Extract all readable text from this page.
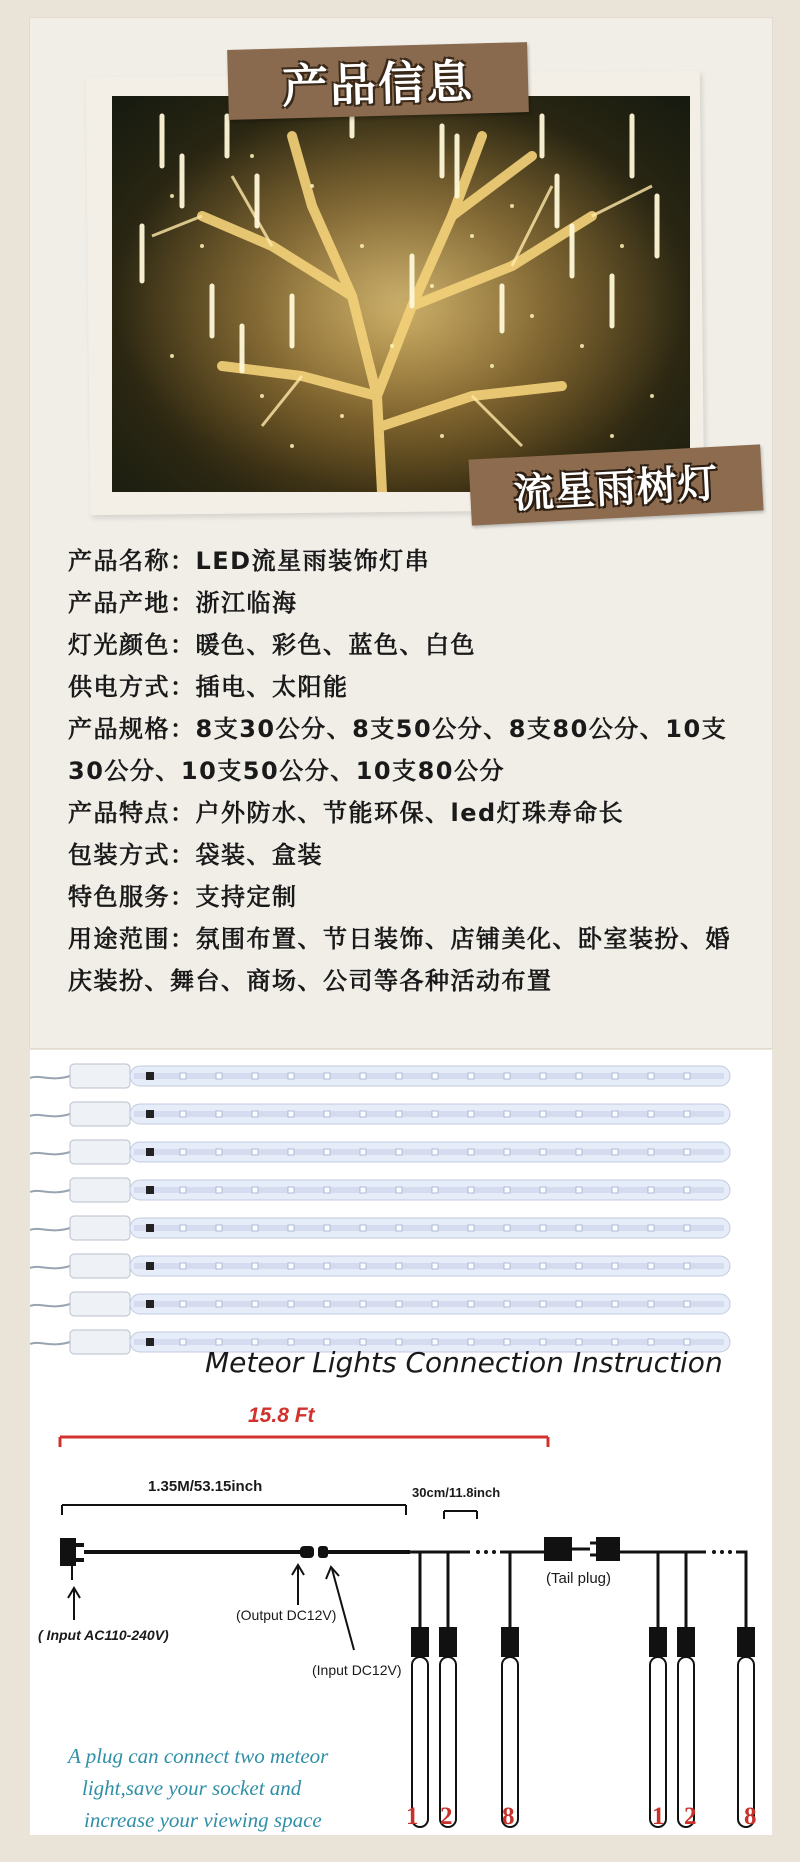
产品信息
流星雨树灯
产品名称：LED流星雨装饰灯串
产品产地：浙江临海
灯光颜色：暖色、彩色、蓝色、白色
供电方式：插电、太阳能
产品规格：8支30公分、8支50公分、8支80公分、10支30公分、10支50公分、10支80公分
产品特点：户外防水、节能环保、led灯珠寿命长
包装方式：袋装、盒装
特色服务：支持定制
用途范围：氛围布置、节日装饰、店铺美化、卧室装扮、婚庆装扮、舞台、商场、公司等各种活动布置
Meteor Lights Connection Instruction
15.8 Ft
1.35M/53.15inch	30cm/11.8inch
(Tail plug)
( Input AC110-240V)
(Output DC12V)
(Input DC12V)
A plug can connect two meteor
light,save your socket and
increase your viewing space	1 2 8	1 2 8
